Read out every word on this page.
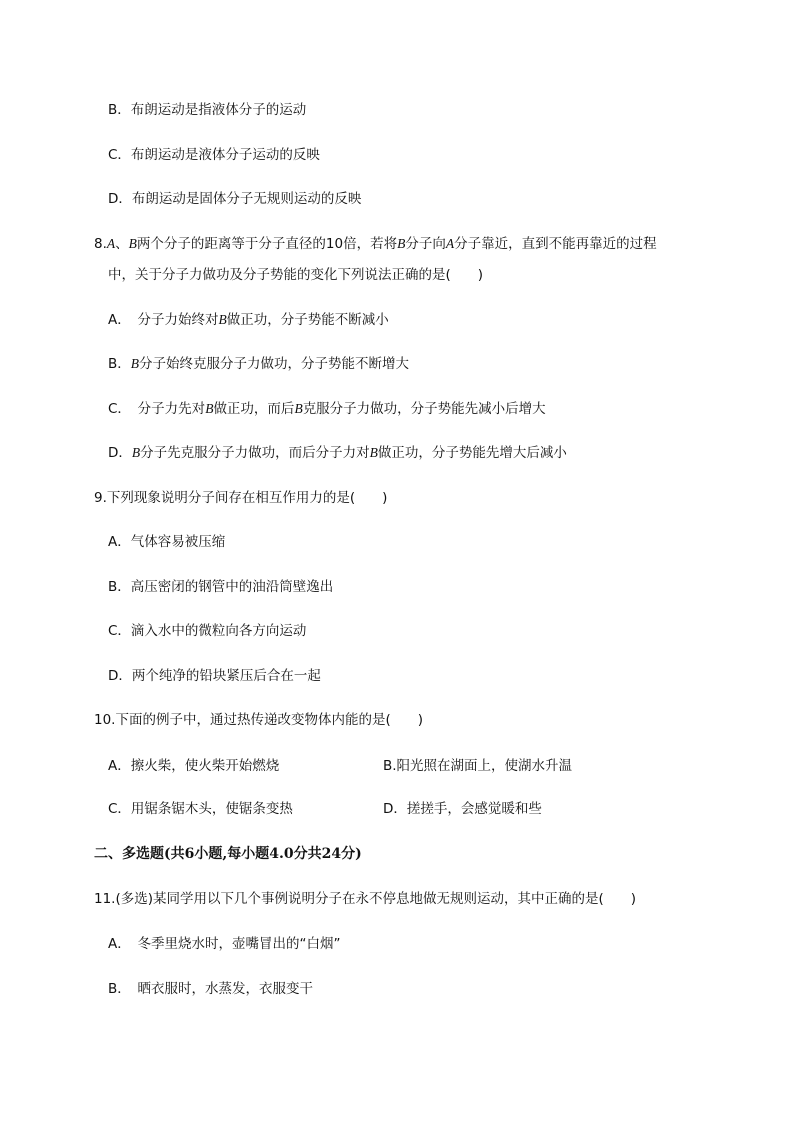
B．布朗运动是指液体分子的运动
C．布朗运动是液体分子运动的反映
D．布朗运动是固体分子无规则运动的反映
8.A、B两个分子的距离等于分子直径的10倍，若将B分子向A分子靠近，直到不能再靠近的过程
中，关于分子力做功及分子势能的变化下列说法正确的是(　　)
A．　分子力始终对B做正功，分子势能不断减小
B．B分子始终克服分子力做功，分子势能不断增大
C．　分子力先对B做正功，而后B克服分子力做功，分子势能先减小后增大
D．B分子先克服分子力做功，而后分子力对B做正功，分子势能先增大后减小
9.下列现象说明分子间存在相互作用力的是(　　)
A．气体容易被压缩
B．高压密闭的钢管中的油沿筒壁逸出
C．滴入水中的微粒向各方向运动
D．两个纯净的铅块紧压后合在一起
10.下面的例子中，通过热传递改变物体内能的是(　　)
A．擦火柴，使火柴开始燃烧	B.阳光照在湖面上，使湖水升温
C．用锯条锯木头，使锯条变热	D．搓搓手，会感觉暖和些
二、多选题(共6小题,每小题4.0分共24分)
11.(多选)某同学用以下几个事例说明分子在永不停息地做无规则运动，其中正确的是(　　)
A．　冬季里烧水时，壶嘴冒出的“白烟”
B．　晒衣服时，水蒸发，衣服变干
